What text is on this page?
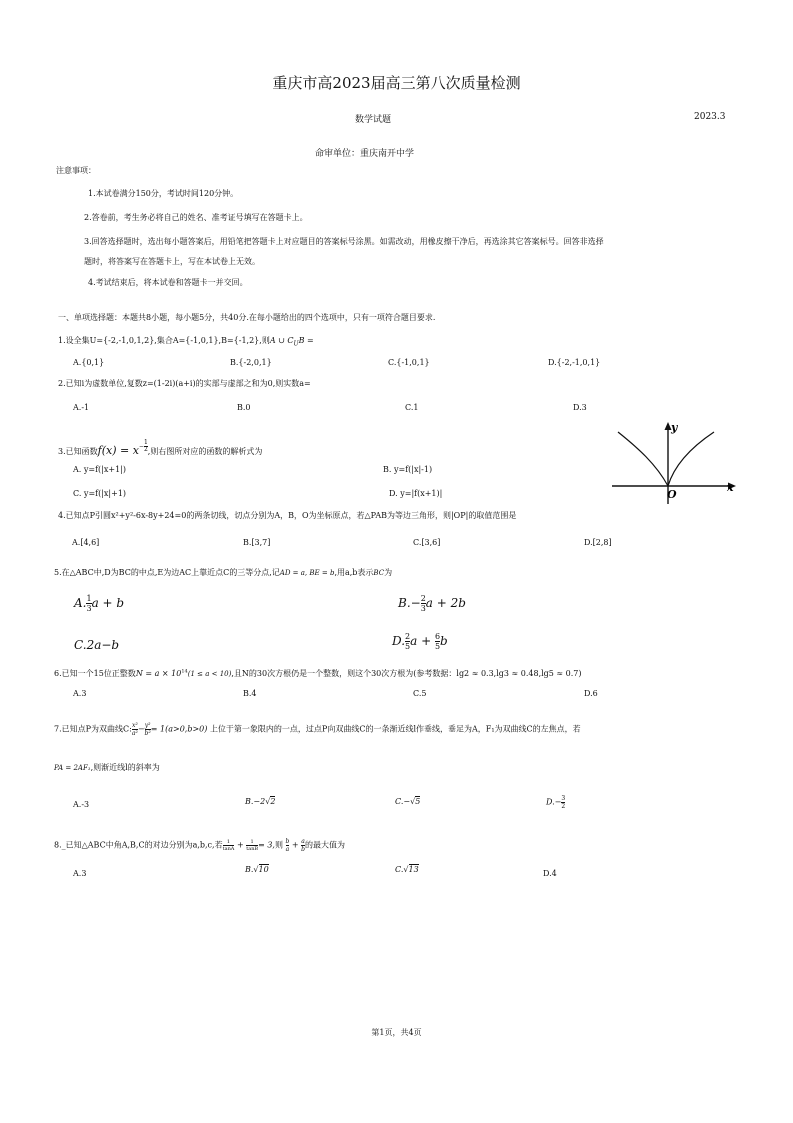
重庆市高2023届高三第八次质量检测
数学试题	2023.3
命审单位：重庆南开中学
注意事项：
1.本试卷满分150分，考试时间120分钟。
2.答卷前，考生务必将自己的姓名、准考证号填写在答题卡上。
3.回答选择题时，选出每小题答案后，用铅笔把答题卡上对应题目的答案标号涂黑。如需改动，用橡皮擦干净后，再选涂其它答案标号。回答非选择
题时，将答案写在答题卡上，写在本试卷上无效。
4.考试结束后，将本试卷和答题卡一并交回。
一、单项选择题：本题共8小题，每小题5分，共40分.在每小题给出的四个选项中，只有一项符合题目要求.
1.设全集U={-2,-1,0,1,2},集合A={-1,0,1},B={-1,2},则A ∪ $C_UB$ =
A.{0,1}	B.{-2,0,1}	C.{-1,0,1}	D.{-2,-1,0,1}
2.已知i为虚数单位,复数z=(1-2i)(a+i)的实部与虚部之和为0,则实数a=
A.-1	B.0	C.1	D.3
3.已知函数$f(x) = x^{- \frac{1}{2}}$ ,则右图所对应的函数的解析式为
A. y=f(|x+1|)	B. y=f(|x|-1)
C. y=f(|x|+1)	D. y=|f(x+1)|
y
x
O
4.已知点P引圆x²+y²-6x-8y+24=0的两条切线，切点分别为A，B，O为坐标原点，若△PAB为等边三角形，则|OP|的取值范围是
A.[4,6]	B.[3,7]	C.[3,6]	D.[2,8]
5.在△ABC中,D为BC的中点,E为边AC上靠近点C的三等分点,记AD = a, BE = b,用a,b表示BC为
A. $\frac{1}{3}$ a + b	$B.- \frac{2}{3}$ a + 2b
C.2a−b	D. $\frac{2}{5}$ $a + \frac{6}{5}$ b
6.已知一个15位正整数$N = a \times 10^{14}(1 \le a < 10)$,且N的30次方根仍是一个整数，则这个30次方根为(参考数据：lg2 ≈ 0.3,lg3 ≈ 0.48,lg5 ≈ 0.7)
A.3	B.4	C.5	D.6
7.已知点P为双曲线C: $\frac{\text{x²}}{\text{a²}} - \frac{\text{y²}}{\text{b²}} = 1(a>0,b>0)$ 上位于第一象限内的一点，过点P向双曲线C的一条渐近线l作垂线，垂足为A，F₁为双曲线C的左焦点，若
PA = 2AF₁,则渐近线l的斜率为
A.-3	B.−2√2	C.−√5	$D.- \frac{3}{2}$
8._已知△ABC中角A,B,C的对边分别为a,b,c,若 $\frac{1}{\tan A} + \frac{1}{\tan B} = 3$,则 $\frac{b}{a} + \frac{a}{b}$ 的最大值为
A.3	B.√10	C.√13	D.4
第1页，共4页
